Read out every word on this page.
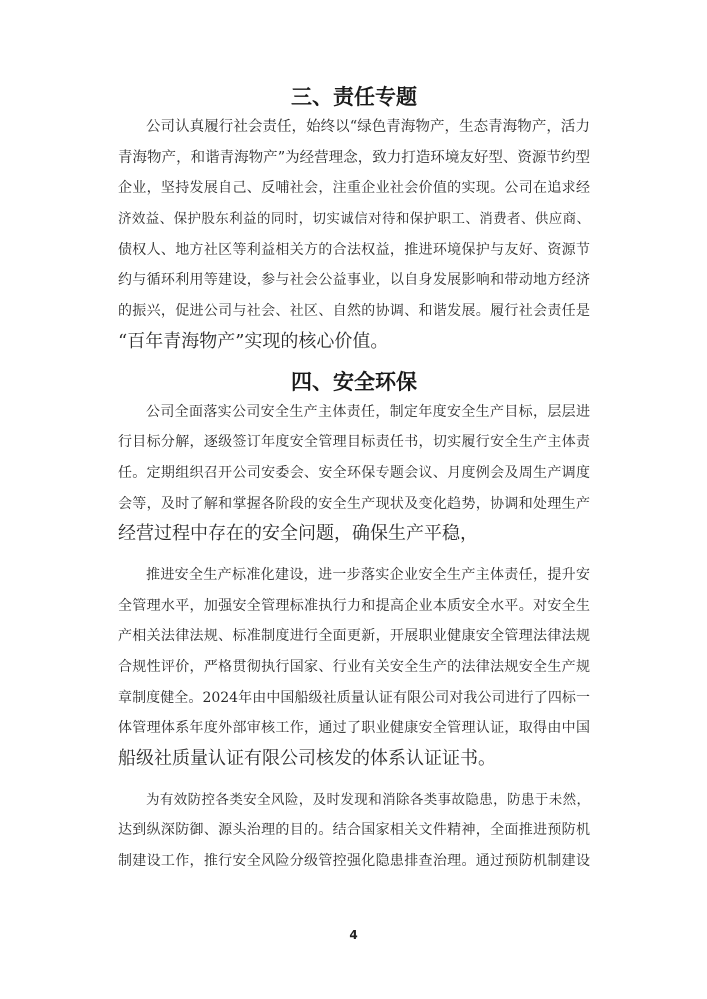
三、责任专题
公司认真履行社会责任，始终以“绿色青海物产，生态青海物产，活力
青海物产，和谐青海物产”为经营理念，致力打造环境友好型、资源节约型
企业，坚持发展自己、反哺社会，注重企业社会价值的实现。公司在追求经
济效益、保护股东利益的同时，切实诚信对待和保护职工、消费者、供应商、
债权人、地方社区等利益相关方的合法权益，推进环境保护与友好、资源节
约与循环利用等建设，参与社会公益事业，以自身发展影响和带动地方经济
的振兴，促进公司与社会、社区、自然的协调、和谐发展。履行社会责任是
“百年青海物产”实现的核心价值。
四、安全环保
公司全面落实公司安全生产主体责任，制定年度安全生产目标，层层进
行目标分解，逐级签订年度安全管理目标责任书，切实履行安全生产主体责
任。定期组织召开公司安委会、安全环保专题会议、月度例会及周生产调度
会等，及时了解和掌握各阶段的安全生产现状及变化趋势，协调和处理生产
经营过程中存在的安全问题，确保生产平稳，
推进安全生产标准化建设，进一步落实企业安全生产主体责任，提升安
全管理水平，加强安全管理标准执行力和提高企业本质安全水平。对安全生
产相关法律法规、标准制度进行全面更新，开展职业健康安全管理法律法规
合规性评价，严格贯彻执行国家、行业有关安全生产的法律法规安全生产规
章制度健全。2024年由中国船级社质量认证有限公司对我公司进行了四标一
体管理体系年度外部审核工作，通过了职业健康安全管理认证，取得由中国
船级社质量认证有限公司核发的体系认证证书。
为有效防控各类安全风险，及时发现和消除各类事故隐患，防患于未然，
达到纵深防御、源头治理的目的。结合国家相关文件精神，全面推进预防机
制建设工作，推行安全风险分级管控强化隐患排查治理。通过预防机制建设
4
